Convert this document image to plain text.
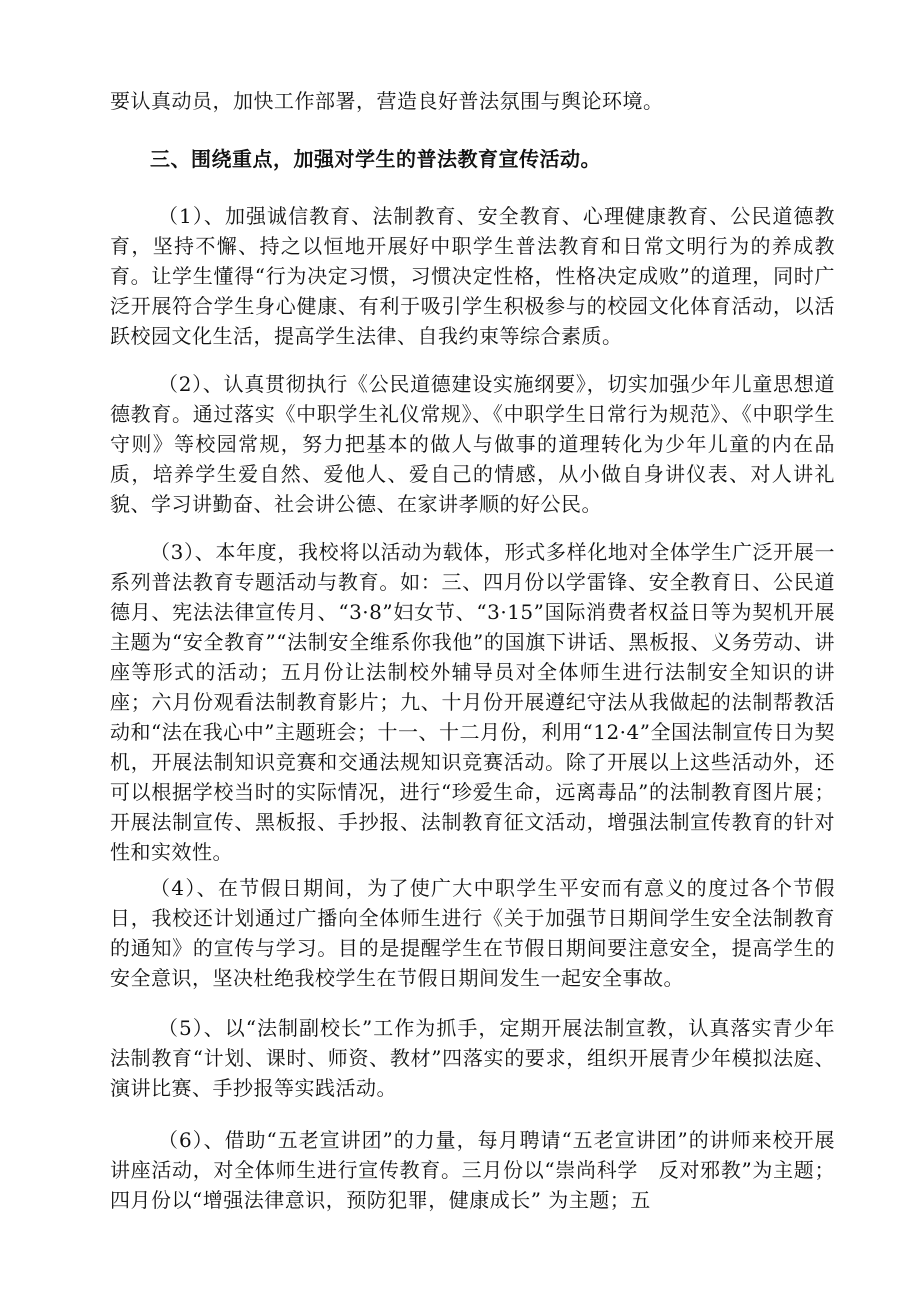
要认真动员，加快工作部署，营造良好普法氛围与舆论环境。
三、围绕重点，加强对学生的普法教育宣传活动。
（1）、加强诚信教育、法制教育、安全教育、心理健康教育、公民道德教育，坚持不懈、持之以恒地开展好中职学生普法教育和日常文明行为的养成教育。让学生懂得“行为决定习惯，习惯决定性格，性格决定成败”的道理，同时广泛开展符合学生身心健康、有利于吸引学生积极参与的校园文化体育活动，以活跃校园文化生活，提高学生法律、自我约束等综合素质。
（2）、认真贯彻执行《公民道德建设实施纲要》，切实加强少年儿童思想道德教育。通过落实《中职学生礼仪常规》、《中职学生日常行为规范》、《中职学生守则》等校园常规，努力把基本的做人与做事的道理转化为少年儿童的内在品质，培养学生爱自然、爱他人、爱自己的情感，从小做自身讲仪表、对人讲礼貌、学习讲勤奋、社会讲公德、在家讲孝顺的好公民。
（3）、本年度，我校将以活动为载体，形式多样化地对全体学生广泛开展一系列普法教育专题活动与教育。如：三、四月份以学雷锋、安全教育日、公民道德月、宪法法律宣传月、“3·8”妇女节、“3·15”国际消费者权益日等为契机开展主题为“安全教育”“法制安全维系你我他”的国旗下讲话、黑板报、义务劳动、讲座等形式的活动；五月份让法制校外辅导员对全体师生进行法制安全知识的讲座；六月份观看法制教育影片；九、十月份开展遵纪守法从我做起的法制帮教活动和“法在我心中”主题班会；十一、十二月份，利用“12·4”全国法制宣传日为契机，开展法制知识竞赛和交通法规知识竞赛活动。除了开展以上这些活动外，还可以根据学校当时的实际情况，进行“珍爱生命，远离毒品”的法制教育图片展；开展法制宣传、黑板报、手抄报、法制教育征文活动，增强法制宣传教育的针对性和实效性。
（4）、在节假日期间，为了使广大中职学生平安而有意义的度过各个节假日，我校还计划通过广播向全体师生进行《关于加强节日期间学生安全法制教育的通知》的宣传与学习。目的是提醒学生在节假日期间要注意安全，提高学生的安全意识，坚决杜绝我校学生在节假日期间发生一起安全事故。
（5）、以“法制副校长”工作为抓手，定期开展法制宣教，认真落实青少年法制教育“计划、课时、师资、教材”四落实的要求，组织开展青少年模拟法庭、演讲比赛、手抄报等实践活动。
（6）、借助“五老宣讲团”的力量，每月聘请“五老宣讲团”的讲师来校开展讲座活动，对全体师生进行宣传教育。三月份以“崇尚科学　反对邪教”为主题；四月份以“增强法律意识，预防犯罪，健康成长” 为主题；五
